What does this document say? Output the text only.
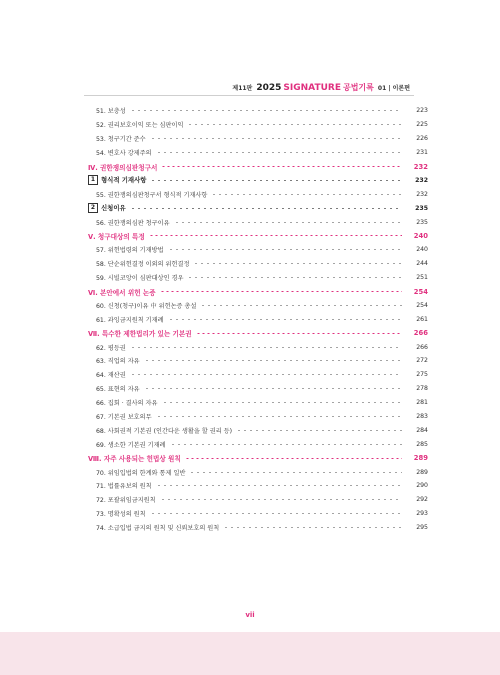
제11판 2025 SIGNATURE 공법기록 01 | 이론편
51. 보충성	223
52. 권리보호이익 또는 심판이익	225
53. 청구기간 준수	226
54. 변호사 강제주의	231
Ⅳ. 권한쟁의심판청구서	232
1 형식적 기재사항	232
55. 권한쟁의심판청구서 형식적 기재사항	232
2 신청이유	235
56. 권한쟁의심판 청구이유	235
Ⅴ. 청구대상의 특정	240
57. 위헌법령의 기재방법	240
58. 단순위헌결정 이외의 위헌결정	244
59. 시빌코앙이 심판대상인 경우	251
Ⅵ. 본안에서 위헌 논증	254
60. 신청(청구)이유 中 위헌논증 총설	254
61. 과잉금지원칙 기재례	261
Ⅶ. 특수한 제한법리가 있는 기본권	266
62. 평등권	266
63. 직업의 자유	272
64. 재산권	275
65. 표현의 자유	278
66. 집회 · 결사의 자유	281
67. 기본권 보호의무	283
68. 사회권적 기본권 (인간다운 생활을 할 권리 등)	284
69. 생소한 기본권 기재례	285
Ⅷ. 자주 사용되는 헌법상 원칙	289
70. 위임입법의 한계와 통제 일반	289
71. 법률유보의 원칙	290
72. 포괄위임금지원칙	292
73. 명확성의 원칙	293
74. 소급입법 금지의 원칙 및 신뢰보호의 원칙	295
vii
